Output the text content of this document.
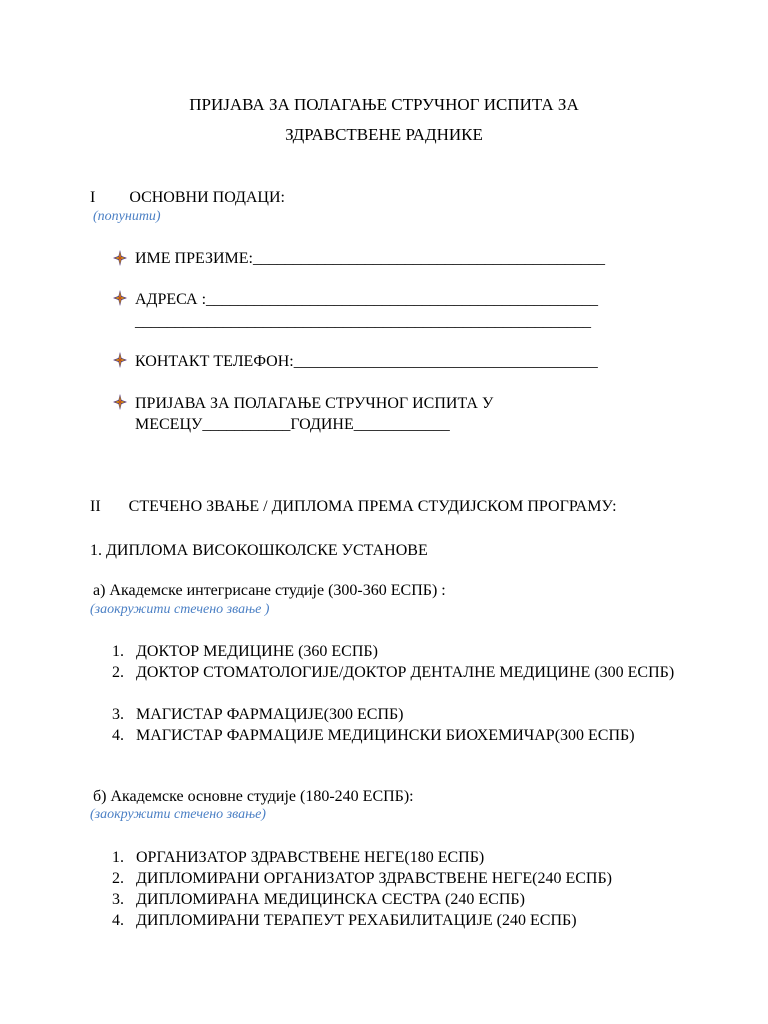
ПРИЈАВА ЗА ПОЛАГАЊЕ СТРУЧНОГ ИСПИТА ЗА
ЗДРАВСТВЕНЕ РАДНИКЕ
I ОСНОВНИ ПОДАЦИ:
(попунити)
ИМЕ ПРЕЗИМЕ:____________________________________________
АДРЕСА :_________________________________________________
_________________________________________________________
КОНТАКТ ТЕЛЕФОН:______________________________________
ПРИЈАВА ЗА ПОЛАГАЊЕ СТРУЧНОГ ИСПИТА У
МЕСЕЦУ___________ГОДИНЕ____________
II СТЕЧЕНО ЗВАЊЕ / ДИПЛОМА ПРЕМА СТУДИЈСКОМ ПРОГРАМУ:
1. ДИПЛОМА ВИСОКОШКОЛСКЕ УСТАНОВЕ
а) Академске интегрисане студије (300-360 ЕСПБ) :
(заокружити стечено звање )
1. ДОКТОР МЕДИЦИНЕ (360 ЕСПБ)
2. ДОКТОР СТОМАТОЛОГИЈЕ/ДОКТОР ДЕНТАЛНЕ МЕДИЦИНЕ (300 ЕСПБ)
3. МАГИСТАР ФАРМАЦИЈЕ(300 ЕСПБ)
4. МАГИСТАР ФАРМАЦИЈЕ МЕДИЦИНСКИ БИОХЕМИЧАР(300 ЕСПБ)
б) Академске основне студије (180-240 ЕСПБ):
(заокружити стечено звање)
1. ОРГАНИЗАТОР ЗДРАВСТВЕНЕ НЕГЕ(180 ЕСПБ)
2. ДИПЛОМИРАНИ ОРГАНИЗАТОР ЗДРАВСТВЕНЕ НЕГЕ(240 ЕСПБ)
3. ДИПЛОМИРАНА МЕДИЦИНСКА СЕСТРА (240 ЕСПБ)
4. ДИПЛОМИРАНИ ТЕРАПЕУТ РЕХАБИЛИТАЦИЈЕ (240 ЕСПБ)
